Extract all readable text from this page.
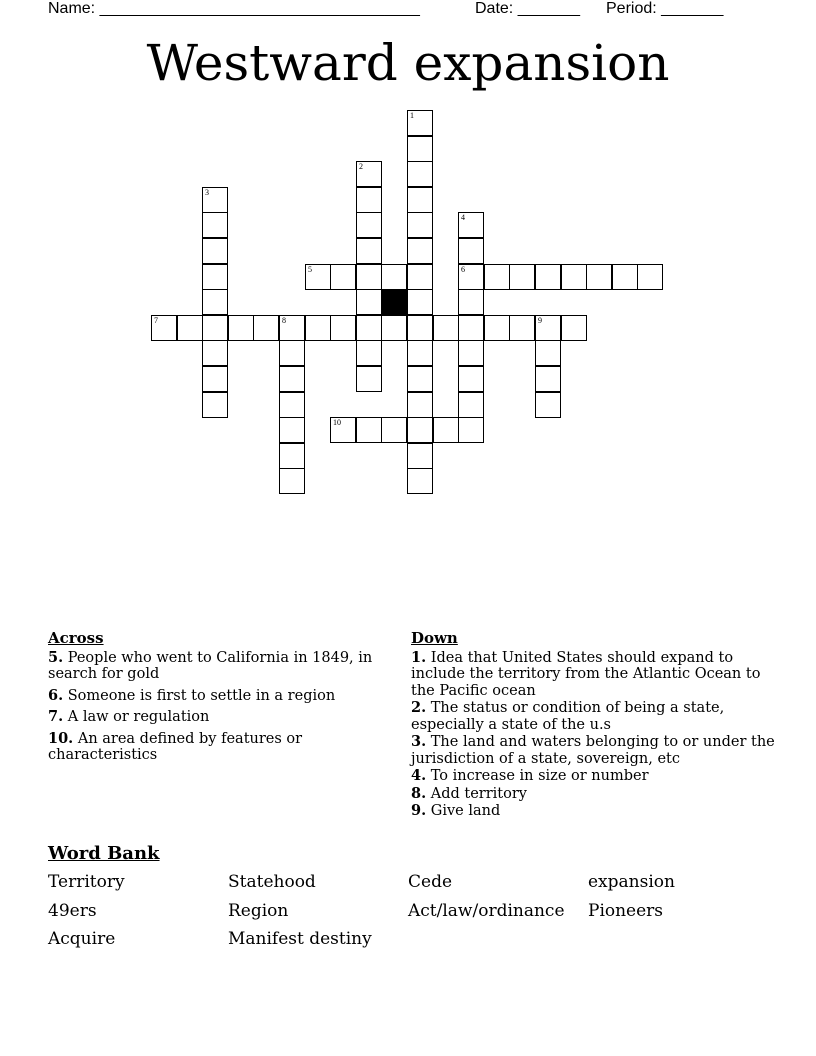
Name: ____________________________________	Date: _______ Period: _______
Westward expansion
1
2
3
4
6
5
7	8	9
10
Across
5. People who went to California in 1849, in search for gold
6. Someone is first to settle in a region
7. A law or regulation
10. An area defined by features or characteristics
Down
1. Idea that United States should expand to include the territory from the Atlantic Ocean to the Pacific ocean
2. The status or condition of being a state, especially a state of the u.s
3. The land and waters belonging to or under the jurisdiction of a state, sovereign, etc
4. To increase in size or number
8. Add territory
9. Give land
Word Bank
Territory	Statehood	Cede	expansion
49ers	Region	Act/law/ordinance	Pioneers
Acquire	Manifest destiny
